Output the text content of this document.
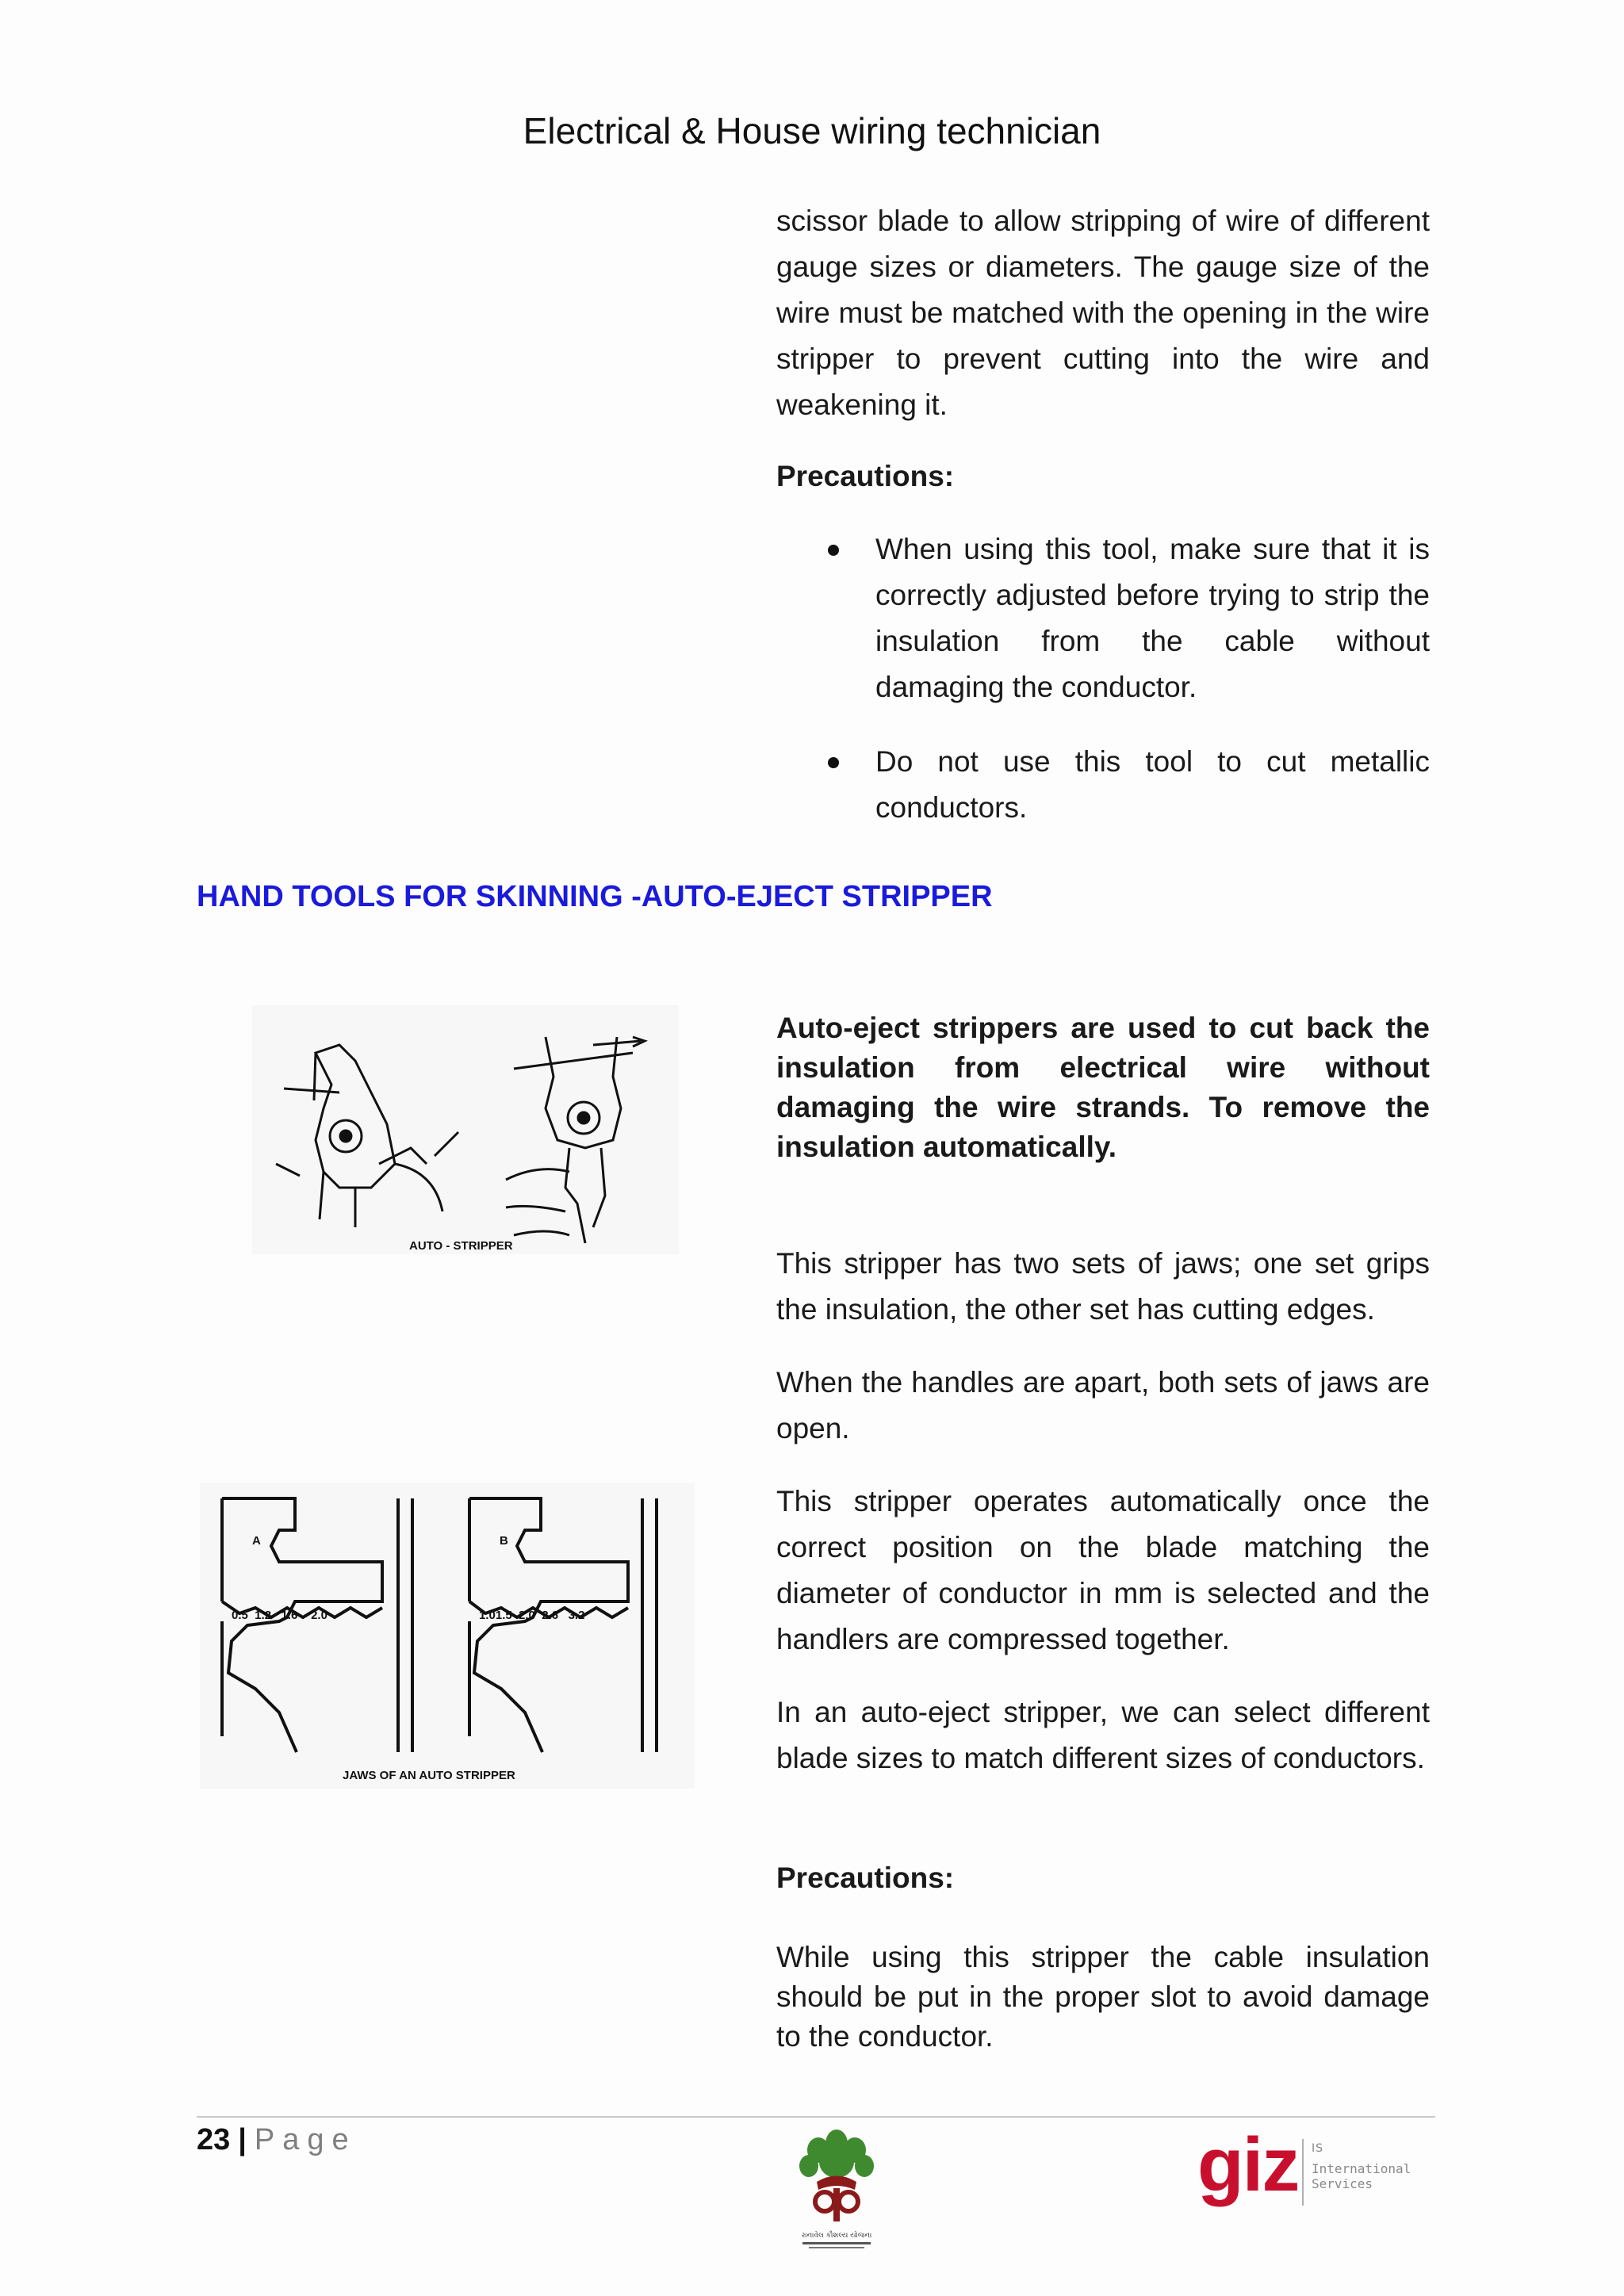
Electrical & House wiring technician

scissor blade to allow stripping of wire of different gauge sizes or diameters. The gauge size of the wire must be matched with the opening in the wire stripper to prevent cutting into the wire and weakening it.

Precautions:
When using this tool, make sure that it is correctly adjusted before trying to strip the insulation from the cable without damaging the conductor.
Do not use this tool to cut metallic conductors.
HAND TOOLS FOR SKINNING -AUTO-EJECT STRIPPER
AUTO - STRIPPER
A	B
0.5  1.2   1.6    2.0	1.01.5  2.0  2.6   3.2
JAWS OF AN AUTO STRIPPER

Auto-eject strippers are used to cut back the insulation from electrical wire without damaging the wire strands. To remove the insulation automatically.

This stripper has two sets of jaws; one set grips the insulation, the other set has cutting edges.

When the handles are apart, both sets of jaws are open.

This stripper operates automatically once the correct position on the blade matching the diameter of conductor in mm is selected and the handlers are compressed together.

In an auto-eject stripper, we can select different blade sizes to match different sizes of conductors.

Precautions:

While using this stripper the cable insulation should be put in the proper slot to avoid damage to the conductor.

23 | Page
રાનાવેલ કૌશલ્ય યોજના
giz IS
International Services
